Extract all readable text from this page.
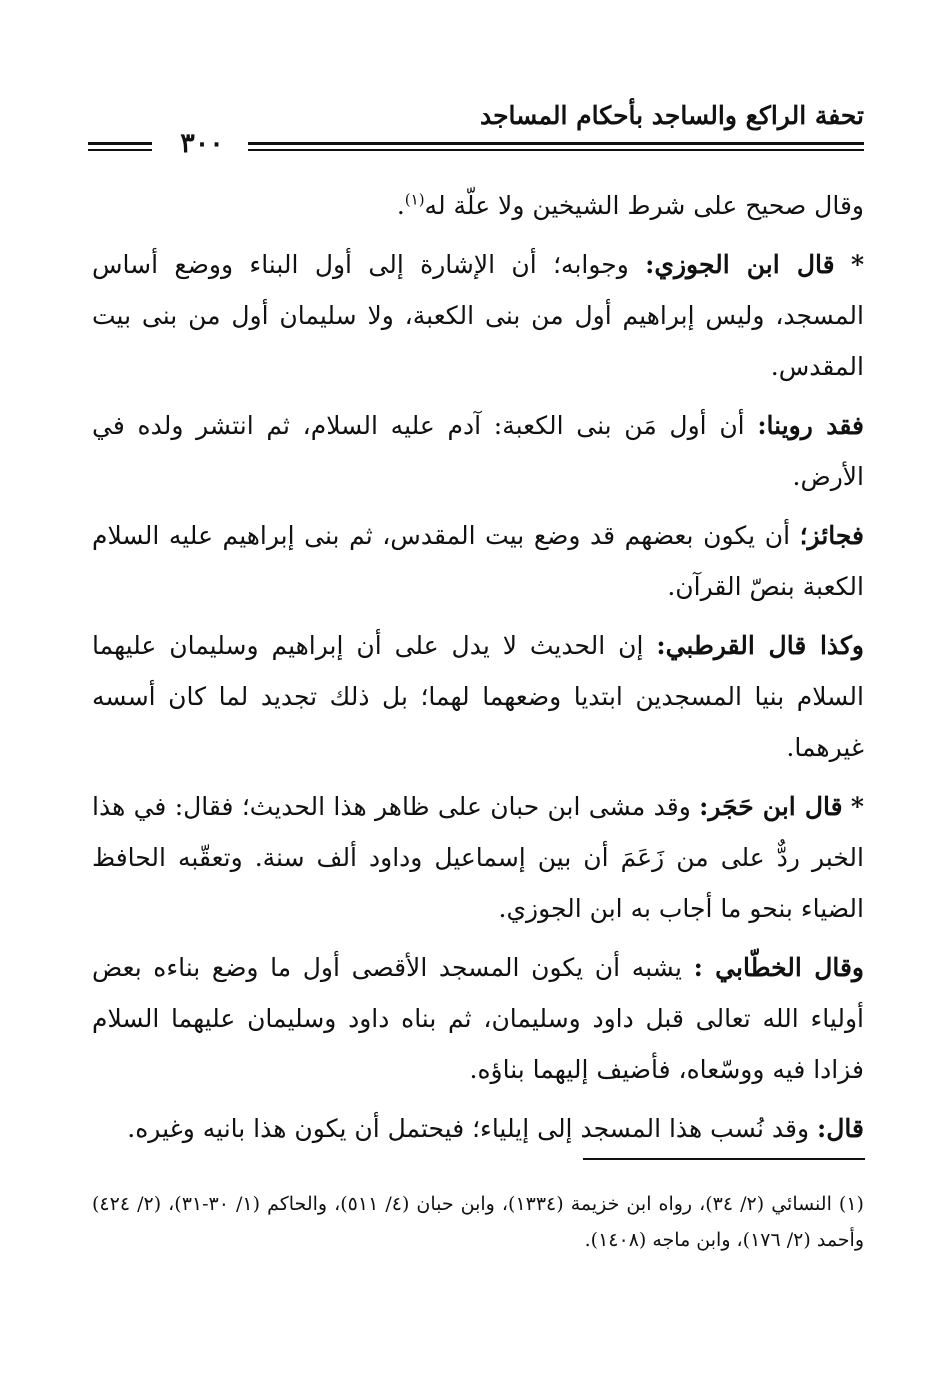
تحفة الراكع والساجد بأحكام المساجد
٣٠٠

وقال صحيح على شرط الشيخين ولا علّة له$^{(١)}$.

* قال ابن الجوزي: وجوابه؛ أن الإشارة إلى أول البناء ووضع أساس المسجد، وليس إبراهيم أول من بنى الكعبة، ولا سليمان أول من بنى بيت المقدس.

فقد روينا: أن أول مَن بنى الكعبة: آدم عليه السلام، ثم انتشر ولده في الأرض.

فجائز؛ أن يكون بعضهم قد وضع بيت المقدس، ثم بنى إبراهيم عليه السلام الكعبة بنصّ القرآن.

وكذا قال القرطبي: إن الحديث لا يدل على أن إبراهيم وسليمان عليهما السلام بنيا المسجدين ابتديا وضعهما لهما؛ بل ذلك تجديد لما كان أسسه غيرهما.

* قال ابن حَجَر: وقد مشى ابن حبان على ظاهر هذا الحديث؛ فقال: في هذا الخبر ردٌّ على من زَعَمَ أن بين إسماعيل وداود ألف سنة. وتعقّبه الحافظ الضياء بنحو ما أجاب به ابن الجوزي.

وقال الخطّابي : يشبه أن يكون المسجد الأقصى أول ما وضع بناءه بعض أولياء الله تعالى قبل داود وسليمان، ثم بناه داود وسليمان عليهما السلام فزادا فيه ووسّعاه، فأضيف إليهما بناؤه.

قال: وقد نُسب هذا المسجد إلى إيلياء؛ فيحتمل أن يكون هذا بانيه وغيره.

(١) النسائي (٢/ ٣٤)، رواه ابن خزيمة (١٣٣٤)، وابن حبان (٤/ ٥١١)، والحاكم (١/ ٣٠-٣١)، (٢/ ٤٢٤) وأحمد (٢/ ١٧٦)، وابن ماجه (١٤٠٨).
